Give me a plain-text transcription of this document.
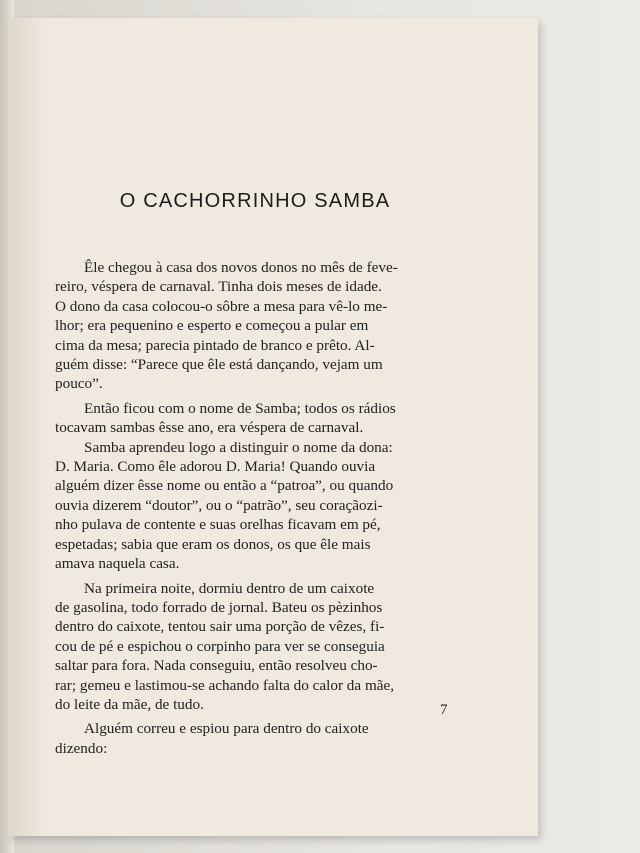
O CACHORRINHO SAMBA
Êle chegou à casa dos novos donos no mês de feve-
reiro, véspera de carnaval. Tinha dois meses de idade.
O dono da casa colocou-o sôbre a mesa para vê-lo me-
lhor; era pequenino e esperto e começou a pular em
cima da mesa; parecia pintado de branco e prêto. Al-
guém disse: “Parece que êle está dançando, vejam um
pouco”.
Então ficou com o nome de Samba; todos os rádios
tocavam sambas êsse ano, era véspera de carnaval.
Samba aprendeu logo a distinguir o nome da dona:
D. Maria. Como êle adorou D. Maria! Quando ouvia
alguém dizer êsse nome ou então a “patroa”, ou quando
ouvia dizerem “doutor”, ou o “patrão”, seu coraçãozi-
nho pulava de contente e suas orelhas ficavam em pé,
espetadas; sabia que eram os donos, os que êle mais
amava naquela casa.
Na primeira noite, dormiu dentro de um caixote
de gasolina, todo forrado de jornal. Bateu os pèzinhos
dentro do caixote, tentou sair uma porção de vêzes, fi-
cou de pé e espichou o corpinho para ver se conseguia
saltar para fora. Nada conseguiu, então resolveu cho-
rar; gemeu e lastimou-se achando falta do calor da mãe,
do leite da mãe, de tudo.
Alguém correu e espiou para dentro do caixote
dizendo:
7
